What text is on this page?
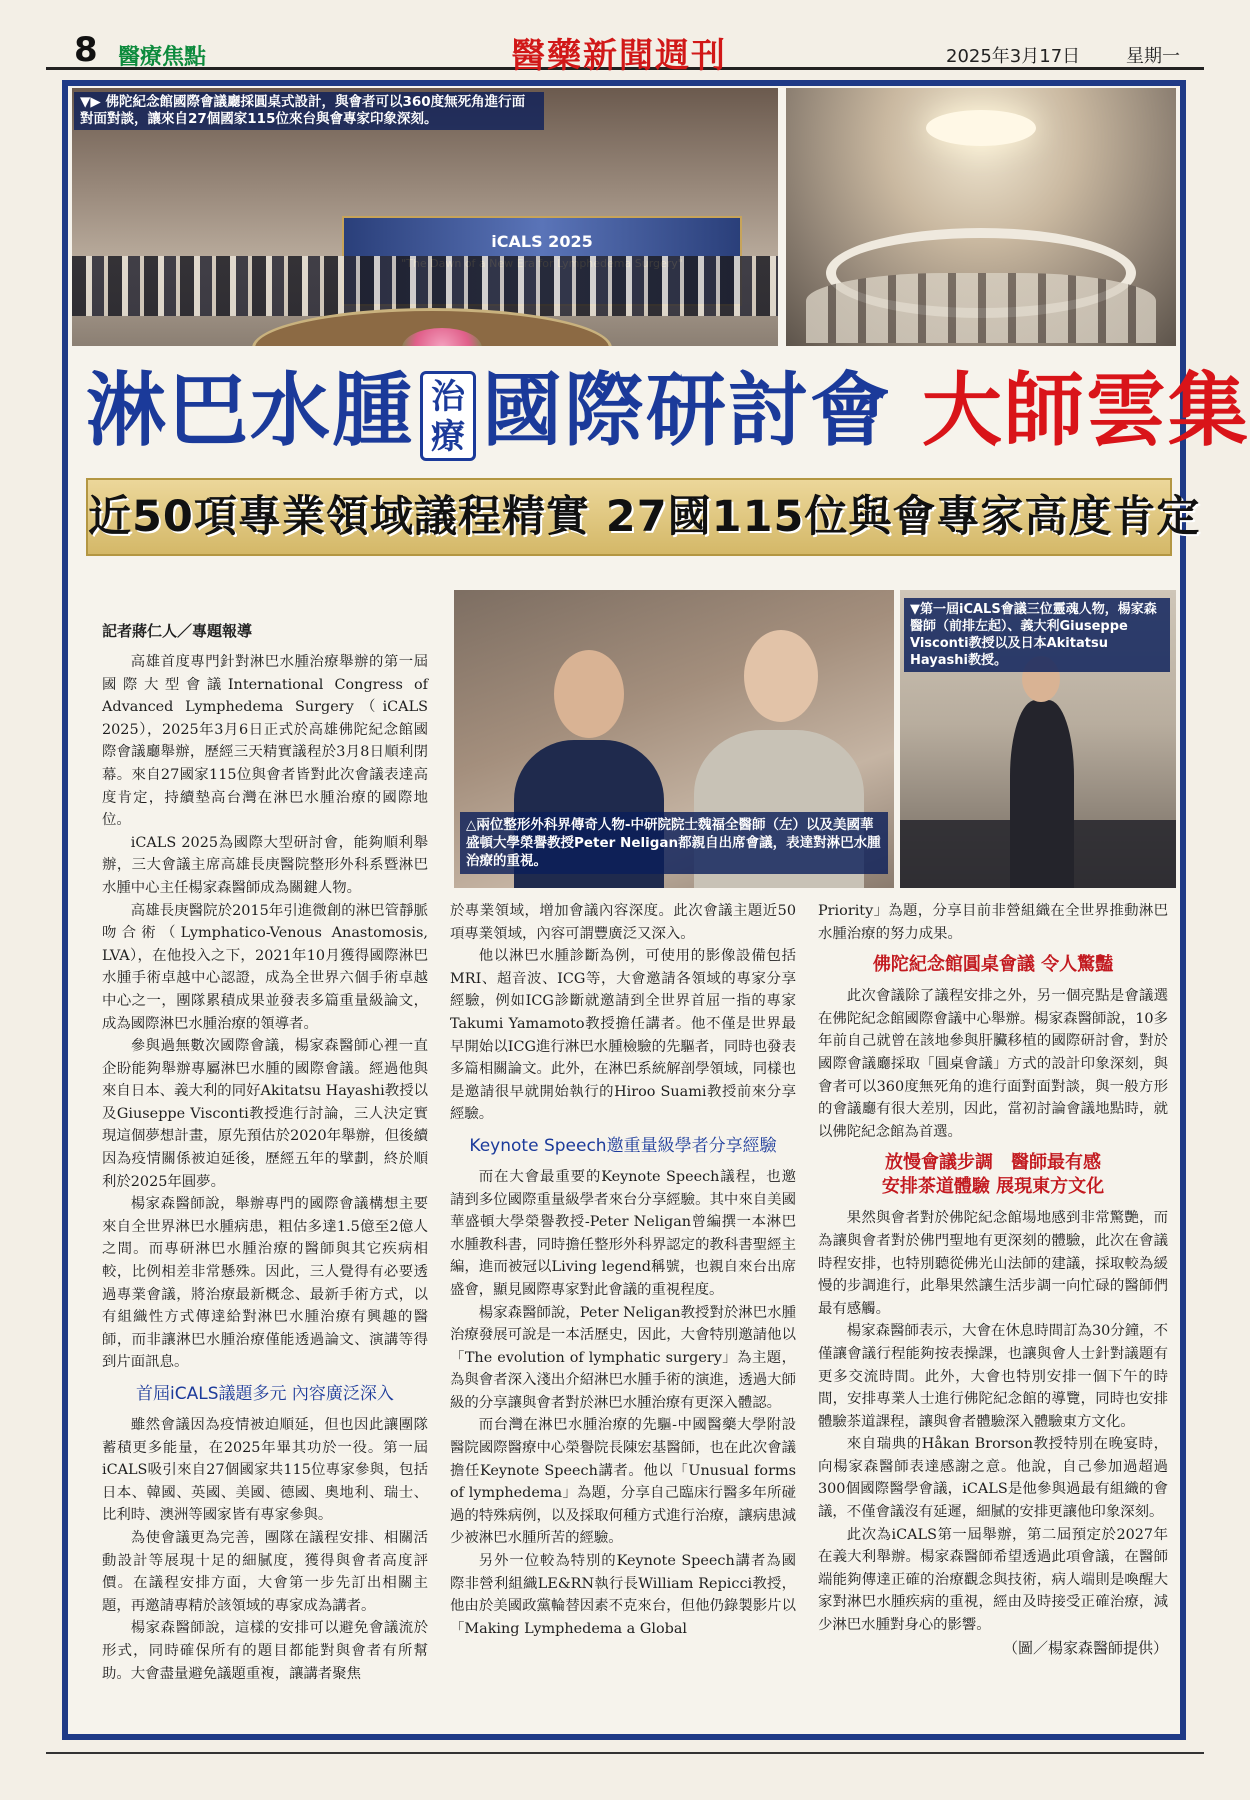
8 醫療焦點	醫藥新聞週刊	2025年3月17日	星期一
iCALS 2025
▼▶ 佛陀紀念館國際會議廳採圓桌式設計，與會者可以360度無死角進行面對面對談，讓來自27個國家115位來台與會專家印象深刻。
淋巴水腫 治
療 國際研討會 大師雲集
近50項專業領域議程精實 27國115位與會專家高度肯定
△兩位整形外科界傳奇人物-中研院院士魏福全醫師（左）以及美國華盛頓大學榮譽教授Peter Neligan都親自出席會議，表達對淋巴水腫治療的重視。
▼第一屆iCALS會議三位靈魂人物，楊家森醫師（前排左起）、義大利Giuseppe Visconti教授以及日本Akitatsu Hayashi教授。

記者蔣仁人／專題報導

高雄首度專門針對淋巴水腫治療舉辦的第一屆國際大型會議International Congress of Advanced Lymphedema Surgery（iCALS 2025），2025年3月6日正式於高雄佛陀紀念館國際會議廳舉辦，歷經三天精實議程於3月8日順利閉幕。來自27國家115位與會者皆對此次會議表達高度肯定，持續墊高台灣在淋巴水腫治療的國際地位。

iCALS 2025為國際大型研討會，能夠順利舉辦，三大會議主席高雄長庚醫院整形外科系暨淋巴水腫中心主任楊家森醫師成為關鍵人物。

高雄長庚醫院於2015年引進微創的淋巴管靜脈吻合術（Lymphatico-Venous Anastomosis, LVA），在他投入之下，2021年10月獲得國際淋巴水腫手術卓越中心認證，成為全世界六個手術卓越中心之一，團隊累積成果並發表多篇重量級論文，成為國際淋巴水腫治療的領導者。

參與過無數次國際會議，楊家森醫師心裡一直企盼能夠舉辦專屬淋巴水腫的國際會議。經過他與來自日本、義大利的同好Akitatsu Hayashi教授以及Giuseppe Visconti教授進行討論，三人決定實現這個夢想計畫，原先預估於2020年舉辦，但後續因為疫情關係被迫延後，歷經五年的擘劃，終於順利於2025年圓夢。

楊家森醫師說，舉辦專門的國際會議構想主要來自全世界淋巴水腫病患，粗估多達1.5億至2億人之間。而專研淋巴水腫治療的醫師與其它疾病相較，比例相差非常懸殊。因此，三人覺得有必要透過專業會議，將治療最新概念、最新手術方式，以有組織性方式傳達給對淋巴水腫治療有興趣的醫師，而非讓淋巴水腫治療僅能透過論文、演講等得到片面訊息。

首屆iCALS議題多元 內容廣泛深入

雖然會議因為疫情被迫順延，但也因此讓團隊蓄積更多能量，在2025年畢其功於一役。第一屆iCALS吸引來自27個國家共115位專家參與，包括日本、韓國、英國、美國、德國、奧地利、瑞士、比利時、澳洲等國家皆有專家參與。

為使會議更為完善，團隊在議程安排、相關活動設計等展現十足的細膩度，獲得與會者高度評價。在議程安排方面，大會第一步先訂出相關主題，再邀請專精於該領域的專家成為講者。

楊家森醫師說，這樣的安排可以避免會議流於形式，同時確保所有的題目都能對與會者有所幫助。大會盡量避免議題重複，讓講者聚焦

於專業領域，增加會議內容深度。此次會議主題近50項專業領域，內容可謂豐廣泛又深入。

他以淋巴水腫診斷為例，可使用的影像設備包括MRI、超音波、ICG等，大會邀請各領域的專家分享經驗，例如ICG診斷就邀請到全世界首屈一指的專家Takumi Yamamoto教授擔任講者。他不僅是世界最早開始以ICG進行淋巴水腫檢驗的先驅者，同時也發表多篇相關論文。此外，在淋巴系統解剖學領域，同樣也是邀請很早就開始執行的Hiroo Suami教授前來分享經驗。

Keynote Speech邀重量級學者分享經驗

而在大會最重要的Keynote Speech議程，也邀請到多位國際重量級學者來台分享經驗。其中來自美國華盛頓大學榮譽教授-Peter Neligan曾編撰一本淋巴水腫教科書，同時擔任整形外科界認定的教科書聖經主編，進而被冠以Living legend稱號，也親自來台出席盛會，顯見國際專家對此會議的重視程度。

楊家森醫師說，Peter Neligan教授對於淋巴水腫治療發展可說是一本活歷史，因此，大會特別邀請他以「The evolution of lymphatic surgery」為主題，為與會者深入淺出介紹淋巴水腫手術的演進，透過大師級的分享讓與會者對於淋巴水腫治療有更深入體認。

而台灣在淋巴水腫治療的先驅-中國醫藥大學附設醫院國際醫療中心榮譽院長陳宏基醫師，也在此次會議擔任Keynote Speech講者。他以「Unusual forms of lymphedema」為題，分享自己臨床行醫多年所碰過的特殊病例，以及採取何種方式進行治療，讓病患減少被淋巴水腫所苦的經驗。

另外一位較為特別的Keynote Speech講者為國際非營利組織LE&RN執行長William Repicci教授，他由於美國政黨輪替因素不克來台，但他仍錄製影片以「Making Lymphedema a Global

Priority」為題，分享目前非營組織在全世界推動淋巴水腫治療的努力成果。

佛陀紀念館圓桌會議 令人驚豔

此次會議除了議程安排之外，另一個亮點是會議選在佛陀紀念館國際會議中心舉辦。楊家森醫師說，10多年前自己就曾在該地參與肝臟移植的國際研討會，對於國際會議廳採取「圓桌會議」方式的設計印象深刻，與會者可以360度無死角的進行面對面對談，與一般方形的會議廳有很大差別，因此，當初討論會議地點時，就以佛陀紀念館為首選。

放慢會議步調　醫師最有感

安排茶道體驗 展現東方文化

果然與會者對於佛陀紀念館場地感到非常驚艷，而為讓與會者對於佛門聖地有更深刻的體驗，此次在會議時程安排，也特別聽從佛光山法師的建議，採取較為緩慢的步調進行，此舉果然讓生活步調一向忙碌的醫師們最有感觸。

楊家森醫師表示，大會在休息時間訂為30分鐘，不僅讓會議行程能夠按表操課，也讓與會人士針對議題有更多交流時間。此外，大會也特別安排一個下午的時間，安排專業人士進行佛陀紀念館的導覽，同時也安排體驗茶道課程，讓與會者體驗深入體驗東方文化。

來自瑞典的Håkan Brorson教授特別在晚宴時，向楊家森醫師表達感謝之意。他說，自己參加過超過300個國際醫學會議，iCALS是他參與過最有組織的會議，不僅會議沒有延遲，細膩的安排更讓他印象深刻。

此次為iCALS第一屆舉辦，第二屆預定於2027年在義大利舉辦。楊家森醫師希望透過此項會議，在醫師端能夠傳達正確的治療觀念與技術，病人端則是喚醒大家對淋巴水腫疾病的重視，經由及時接受正確治療，減少淋巴水腫對身心的影響。

（圖／楊家森醫師提供）
